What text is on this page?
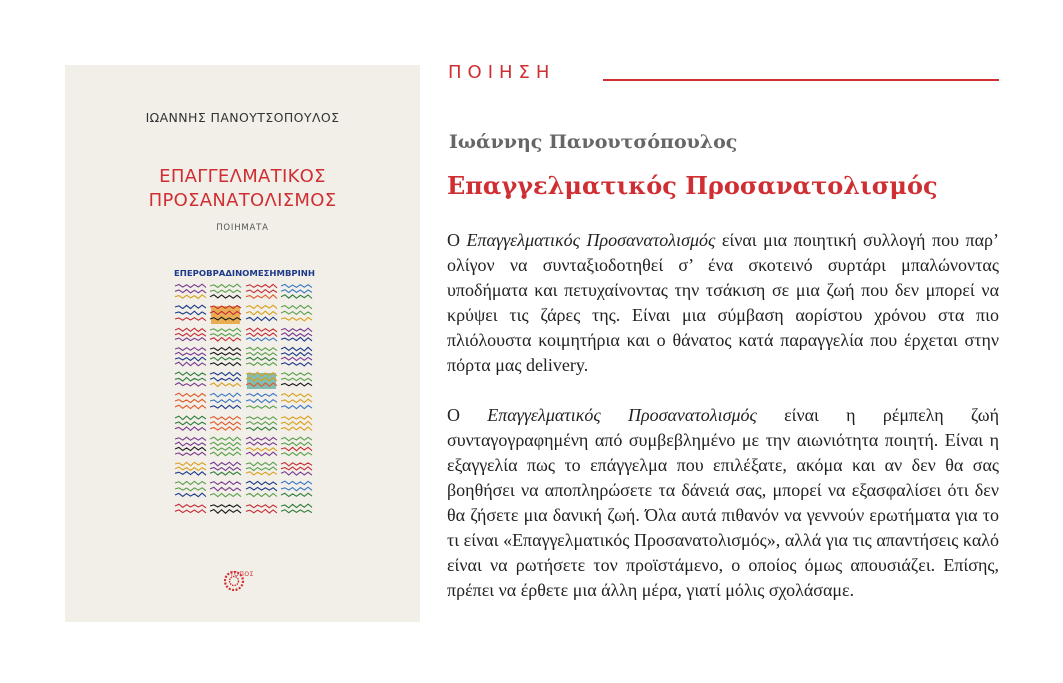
ΙΩΑΝΝΗΣ ΠΑΝΟΥΤΣΟΠΟΥΛΟΣ
ΕΠΑΓΓΕΛΜΑΤΙΚΟΣ
ΠΡΟΣΑΝΑΤΟΛΙΣΜΟΣ
ΠΟΙΗΜΑΤΑ
ΕΠΕΡΟΒΡΑΔΙΝΟΜΕΣΗΜΒΡΙΝΗ
ΤΟΠΟΣ
ΠΟΙΗΣΗ
Ιωάννης Πανουτσόπουλος
Επαγγελματικός Προσανατολισμός

Ο Επαγγελματικός Προσανατολισμός είναι μια ποιητική συλλογή που παρ’ ολίγον να συνταξιοδοτηθεί σ’ ένα σκοτεινό συρτάρι μπαλώνοντας υποδήματα και πετυχαίνοντας την τσάκιση σε μια ζωή που δεν μπορεί να κρύψει τις ζάρες της. Είναι μια σύμβαση αορίστου χρόνου στα πιο πλιόλουστα κοιμητήρια και ο θάνατος κατά παραγγελία που έρχεται στην πόρτα μας delivery.

Ο Επαγγελματικός Προσανατολισμός είναι η ρέμπελη ζωή συνταγογραφημένη από συμβεβλημένο με την αιωνιότητα ποιητή. Είναι η εξαγγελία πως το επάγγελμα που επιλέξατε, ακόμα και αν δεν θα σας βοηθήσει να αποπληρώσετε τα δάνειά σας, μπορεί να εξασφαλίσει ότι δεν θα ζήσετε μια δανική ζωή. Όλα αυτά πιθανόν να γεννούν ερωτήματα για το τι είναι «Επαγγελματικός Προσανατολισμός», αλλά για τις απαντήσεις καλό είναι να ρωτήσετε τον προϊστάμενο, ο οποίος όμως απουσιάζει. Επίσης, πρέπει να έρθετε μια άλλη μέρα, γιατί μόλις σχολάσαμε.
